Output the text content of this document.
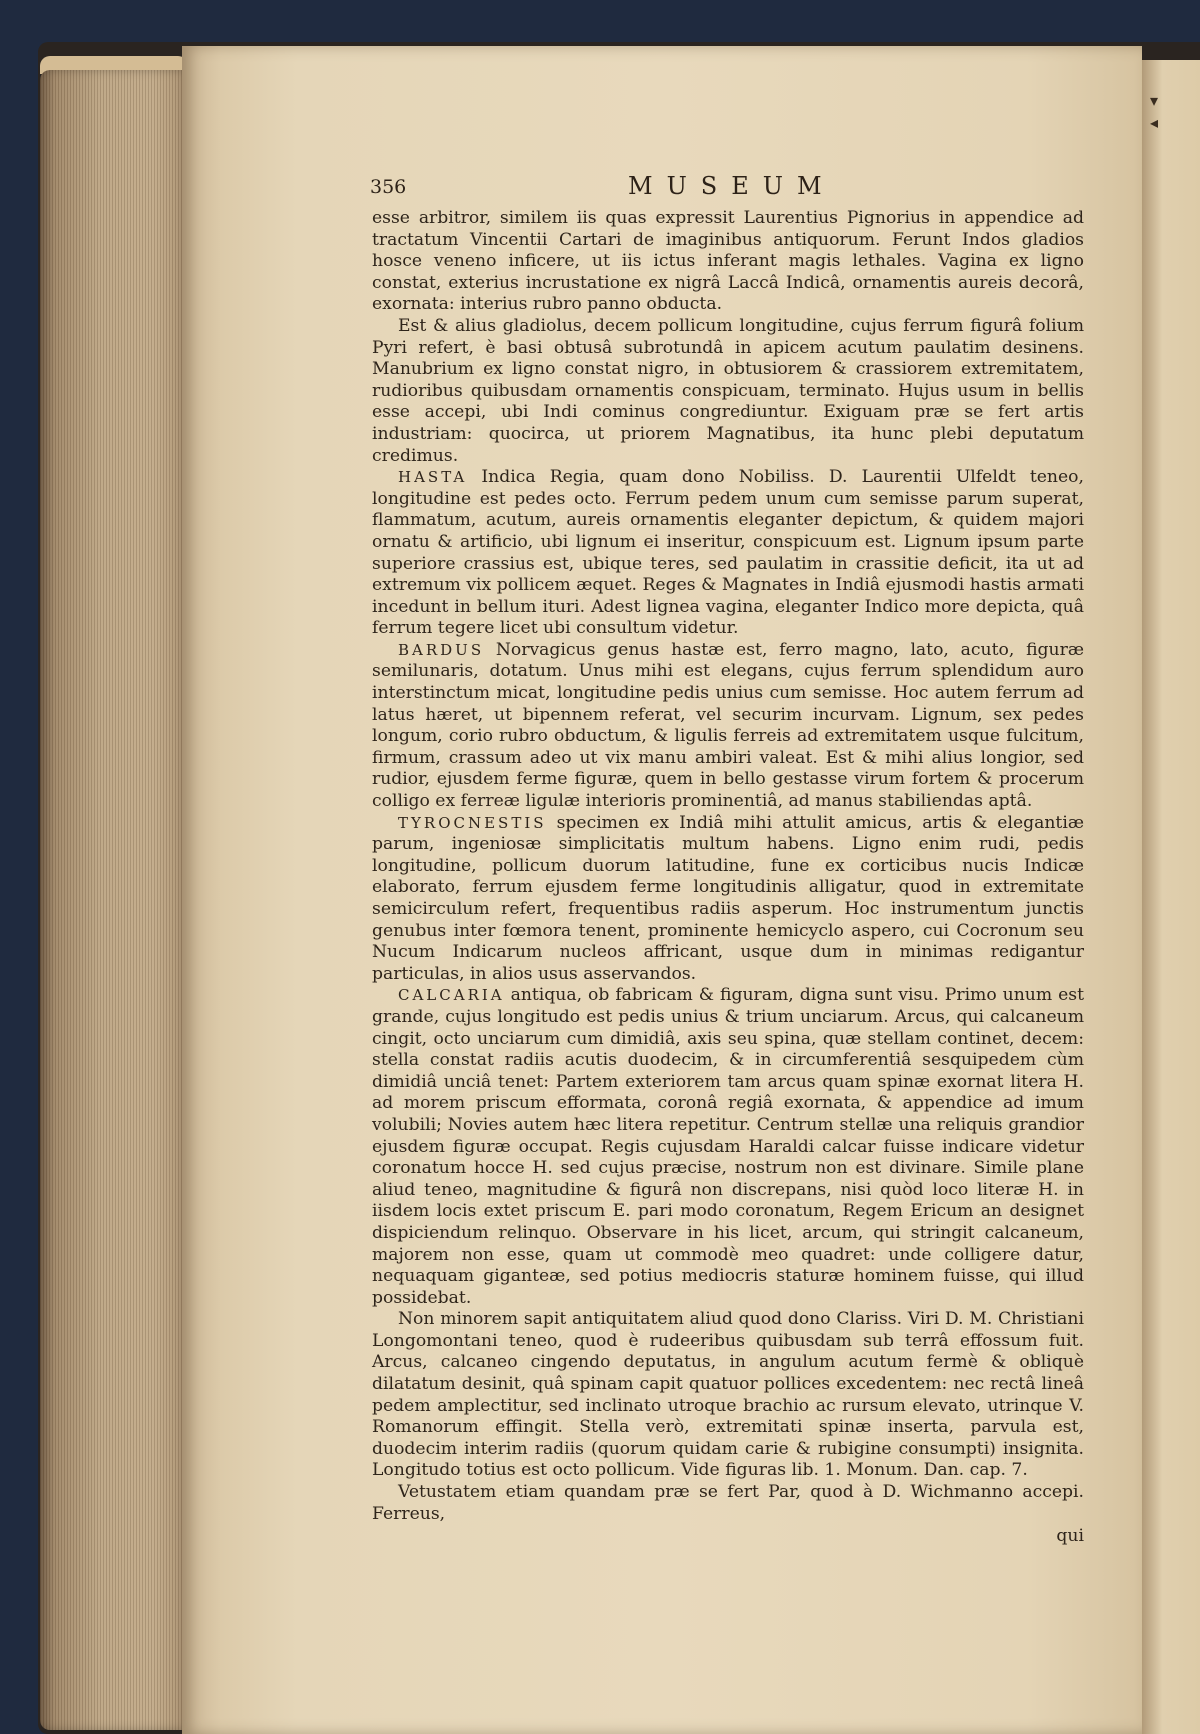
▾
◂
356	MUSEUM

esse arbitror, similem iis quas expressit Laurentius Pignorius in appendice ad tractatum Vincentii Cartari de imaginibus antiquorum. Ferunt Indos gladios hosce veneno inficere, ut iis ictus inferant magis lethales. Vagina ex ligno constat, exterius incrustatione ex nigrâ Laccâ Indicâ, ornamentis aureis decorâ, exornata: interius rubro panno obducta.

Est & alius gladiolus, decem pollicum longitudine, cujus ferrum figurâ folium Pyri refert, è basi obtusâ subrotundâ in apicem acutum paulatim desinens. Manubrium ex ligno constat nigro, in obtusiorem & crassiorem extremitatem, rudioribus quibusdam ornamentis conspicuam, terminato. Hujus usum in bellis esse accepi, ubi Indi cominus congrediuntur. Exiguam præ se fert artis industriam: quocirca, ut priorem Magnatibus, ita hunc plebi deputatum credimus.

HASTA Indica Regia, quam dono Nobiliss. D. Laurentii Ulfeldt teneo, longitudine est pedes octo. Ferrum pedem unum cum semisse parum superat, flammatum, acutum, aureis ornamentis eleganter depictum, & quidem majori ornatu & artificio, ubi lignum ei inseritur, conspicuum est. Lignum ipsum parte superiore crassius est, ubique teres, sed paulatim in crassitie deficit, ita ut ad extremum vix pollicem æquet. Reges & Magnates in Indiâ ejusmodi hastis armati incedunt in bellum ituri. Adest lignea vagina, eleganter Indico more depicta, quâ ferrum tegere licet ubi consultum videtur.

BARDUS Norvagicus genus hastæ est, ferro magno, lato, acuto, figuræ semilunaris, dotatum. Unus mihi est elegans, cujus ferrum splendidum auro interstinctum micat, longitudine pedis unius cum semisse. Hoc autem ferrum ad latus hæret, ut bipennem referat, vel securim incurvam. Lignum, sex pedes longum, corio rubro obductum, & ligulis ferreis ad extremitatem usque fulcitum, firmum, crassum adeo ut vix manu ambiri valeat. Est & mihi alius longior, sed rudior, ejusdem ferme figuræ, quem in bello gestasse virum fortem & procerum colligo ex ferreæ ligulæ interioris prominentiâ, ad manus stabiliendas aptâ.

TYROCNESTIS specimen ex Indiâ mihi attulit amicus, artis & elegantiæ parum, ingeniosæ simplicitatis multum habens. Ligno enim rudi, pedis longitudine, pollicum duorum latitudine, fune ex corticibus nucis Indicæ elaborato, ferrum ejusdem ferme longitudinis alligatur, quod in extremitate semicirculum refert, frequentibus radiis asperum. Hoc instrumentum junctis genubus inter fœmora tenent, prominente hemicyclo aspero, cui Cocronum seu Nucum Indicarum nucleos affricant, usque dum in minimas redigantur particulas, in alios usus asservandos.

CALCARIA antiqua, ob fabricam & figuram, digna sunt visu. Primo unum est grande, cujus longitudo est pedis unius & trium unciarum. Arcus, qui calcaneum cingit, octo unciarum cum dimidiâ, axis seu spina, quæ stellam continet, decem: stella constat radiis acutis duodecim, & in circumferentiâ sesquipedem cùm dimidiâ unciâ tenet: Partem exteriorem tam arcus quam spinæ exornat litera H. ad morem priscum efformata, coronâ regiâ exornata, & appendice ad imum volubili; Novies autem hæc litera repetitur. Centrum stellæ una reliquis grandior ejusdem figuræ occupat. Regis cujusdam Haraldi calcar fuisse indicare videtur coronatum hocce H. sed cujus præcise, nostrum non est divinare. Simile plane aliud teneo, magnitudine & figurâ non discrepans, nisi quòd loco literæ H. in iisdem locis extet priscum E. pari modo coronatum, Regem Ericum an designet dispiciendum relinquo. Observare in his licet, arcum, qui stringit calcaneum, majorem non esse, quam ut commodè meo quadret: unde colligere datur, nequaquam giganteæ, sed potius mediocris staturæ hominem fuisse, qui illud possidebat.

Non minorem sapit antiquitatem aliud quod dono Clariss. Viri D. M. Christiani Longomontani teneo, quod è rudeeribus quibusdam sub terrâ effossum fuit. Arcus, calcaneo cingendo deputatus, in angulum acutum fermè & obliquè dilatatum desinit, quâ spinam capit quatuor pollices excedentem: nec rectâ lineâ pedem amplectitur, sed inclinato utroque brachio ac rursum elevato, utrinque V. Romanorum effingit. Stella verò, extremitati spinæ inserta, parvula est, duodecim interim radiis (quorum quidam carie & rubigine consumpti) insignita. Longitudo totius est octo pollicum. Vide figuras lib. 1. Monum. Dan. cap. 7.

Vetustatem etiam quandam præ se fert Par, quod à D. Wichmanno accepi. Ferreus,

qui
